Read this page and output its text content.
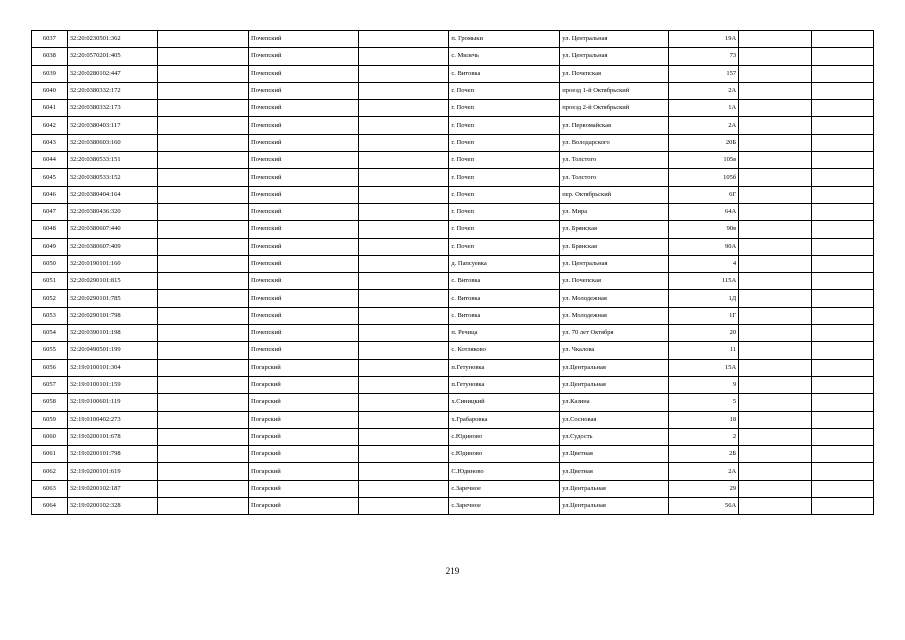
6037	32:20:0230501:362		Почепский		п. Громыки	ул. Центральная	19А		
6038	32:20:0570201:405		Почепский		с. Милечь	ул. Центральная	73		
6039	32:20:0280102:447		Почепский		с. Витовка	ул. Почепская	157		
6040	32:20:0380332:172		Почепский		г. Почеп	проезд 1-й Октябрьский	2А		
6041	32:20:0380332:173		Почепский		г. Почеп	проезд 2-й Октябрьский	1А		
6042	32:20:0380403:117		Почепский		г. Почеп	ул. Первомайская	2А		
6043	32:20:0380603:160		Почепский		г. Почеп	ул. Володарского	20Б		
6044	32:20:0380533:151		Почепский		г. Почеп	ул. Толстого	105в		
6045	32:20:0380533:152		Почепский		г. Почеп	ул. Толстого	105б		
6046	32:20:0380404:164		Почепский		г. Почеп	пер. Октябрьский	6Г		
6047	32:20:0380436:320		Почепский		г. Почеп	ул. Мира	64А		
6048	32:20:0380607:440		Почепский		г. Почеп	ул. Брянская	90в		
6049	32:20:0380607:409		Почепский		г. Почеп	ул. Брянская	90А		
6050	32:20:0190101:160		Почепский		д. Папсуевка	ул. Центральная	4		
6051	32:20:0290101:815		Почепский		с. Витовка	ул. Почепская	115А		
6052	32:20:0290101:785		Почепский		с. Витовка	ул. Молодежная	1Д		
6053	32:20:0290101:798		Почепский		с. Витовка	ул. Молодежная	1Г		
6054	32:20:0390101:198		Почепский		п. Речица	ул. 70 лет Октября	20		
6055	32:20:0490501:199		Почепский		с. Котляково	ул. Чкалова	11		
6056	32:19:0100101:304		Погарский		п.Гетуновка	ул.Центральная	15А		
6057	32:19:0100101:159		Погарский		п.Гетуновка	ул.Центральная	9		
6058	32:19:0100601:119		Погарский		х.Синицкий	ул.Казина	5		
6059	32:19:0100402:273		Погарский		х.Грабаровка	ул.Сосновая	18		
6060	32:19:0200101:678		Погарский		с.Юдиново	ул.Судость	2		
6061	32:19:0200101:798		Погарский		с.Юдиново	ул.Цветная	2Б		
6062	32:19:0200101:619		Погарский		С.Юдиново	ул.Цветная	2А		
6063	32:19:0200102:187		Погарский		с.Заречное	ул.Центральная	29		
6064	32:19:0200102:328		Погарский		с.Заречное	ул.Центральная	56А		
219
